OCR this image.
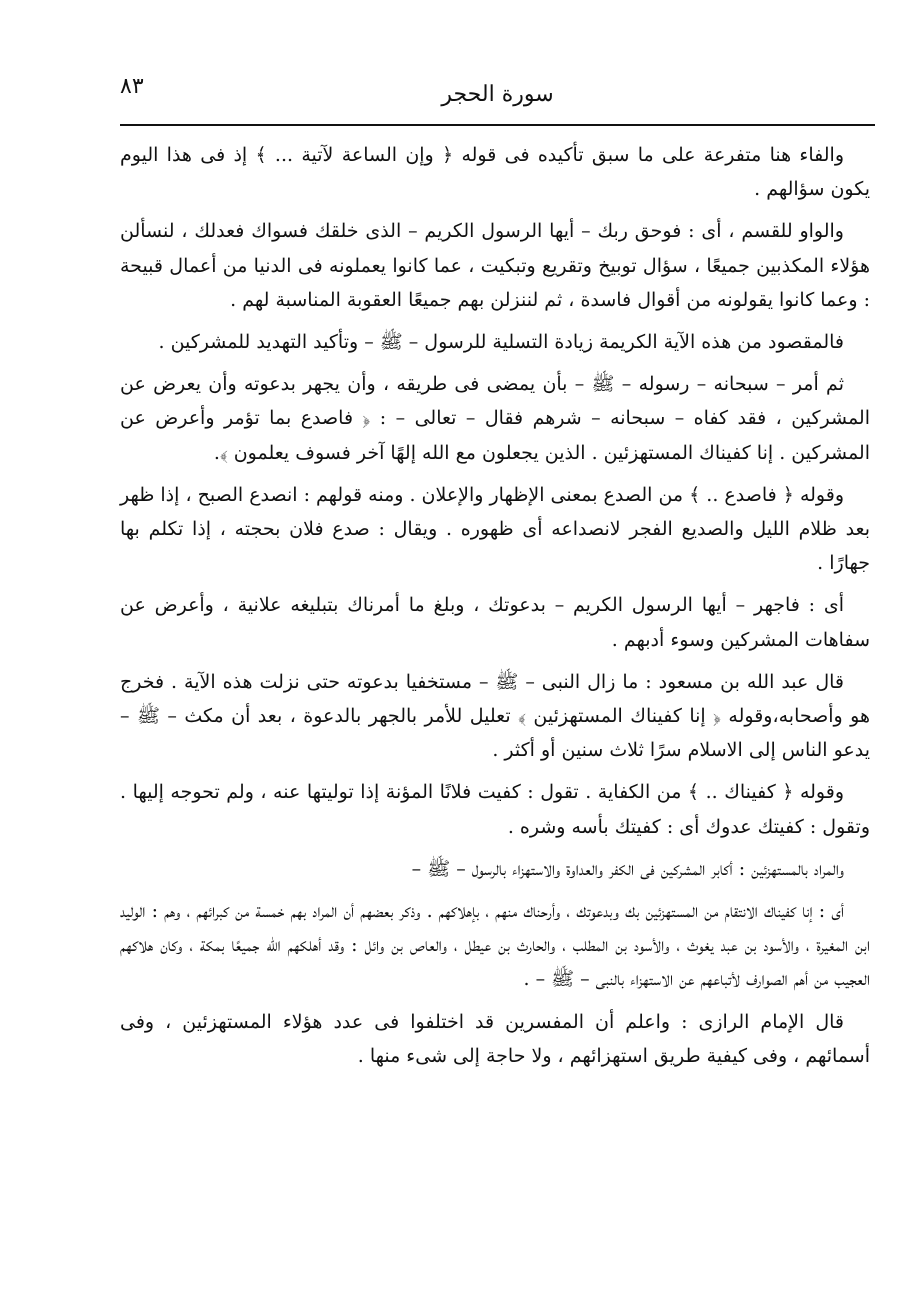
سورة الحجر
٨٣

والفاء هنا متفرعة على ما سبق تأكيده فى قوله ﴿ وإن الساعة لآتية ... ﴾ إذ فى هذا اليوم يكون سؤالهم .

والواو للقسم ، أى : فوحق ربك – أيها الرسول الكريم – الذى خلقك فسواك فعدلك ، لنسألن هؤلاء المكذبين جميعًا ، سؤال توبيخ وتقريع وتبكيت ، عما كانوا يعملونه فى الدنيا من أعمال قبيحة : وعما كانوا يقولونه من أقوال فاسدة ، ثم لننزلن بهم جميعًا العقوبة المناسبة لهم .

فالمقصود من هذه الآية الكريمة زيادة التسلية للرسول – ﷺ – وتأكيد التهديد للمشركين .

ثم أمر – سبحانه – رسوله – ﷺ – بأن يمضى فى طريقه ، وأن يجهر بدعوته وأن يعرض عن المشركين ، فقد كفاه – سبحانه – شرهم فقال – تعالى – : ﴿ فاصدع بما تؤمر وأعرض عن المشركين . إنا كفيناك المستهزئين . الذين يجعلون مع الله إلهًا آخر فسوف يعلمون ﴾.

وقوله ﴿ فاصدع .. ﴾ من الصدع بمعنى الإظهار والإعلان . ومنه قولهم : انصدع الصبح ، إذا ظهر بعد ظلام الليل والصديع الفجر لانصداعه أى ظهوره . ويقال : صدع فلان بحجته ، إذا تكلم بها جهارًا .

أى : فاجهر – أيها الرسول الكريم – بدعوتك ، وبلغ ما أمرناك بتبليغه علانية ، وأعرض عن سفاهات المشركين وسوء أدبهم .

قال عبد الله بن مسعود : ما زال النبى – ﷺ – مستخفيا بدعوته حتى نزلت هذه الآية . فخرج هو وأصحابه،وقوله ﴿ إنا كفيناك المستهزئين ﴾ تعليل للأمر بالجهر بالدعوة ، بعد أن مكث – ﷺ – يدعو الناس إلى الاسلام سرًا ثلاث سنين أو أكثر .

وقوله ﴿ كفيناك .. ﴾ من الكفاية . تقول : كفيت فلانًا المؤنة إذا توليتها عنه ، ولم تحوجه إليها . وتقول : كفيتك عدوك أى : كفيتك بأسه وشره .

والمراد بالمستهزئين : أكابر المشركين فى الكفر والعداوة والاستهزاء بالرسول – ﷺ –

أى : إنا كفيناك الانتقام من المستهزئين بك وبدعوتك ، وأرحناك منهم ، بإهلاكهم . وذكر بعضهم أن المراد بهم خمسة من كبرائهم ، وهم : الوليد ابن المغيرة ، والأسود بن عبد يغوث ، والأسود بن المطلب ، والحارث بن عيطل ، والعاص بن وائل : وقد أهلكهم الله جميعًا بمكة ، وكان هلاكهم العجيب من أهم الصوارف لأتباعهم عن الاستهزاء بالنبى – ﷺ – .

قال الإمام الرازى : واعلم أن المفسرين قد اختلفوا فى عدد هؤلاء المستهزئين ، وفى أسمائهم ، وفى كيفية طريق استهزائهم ، ولا حاجة إلى شىء منها .
